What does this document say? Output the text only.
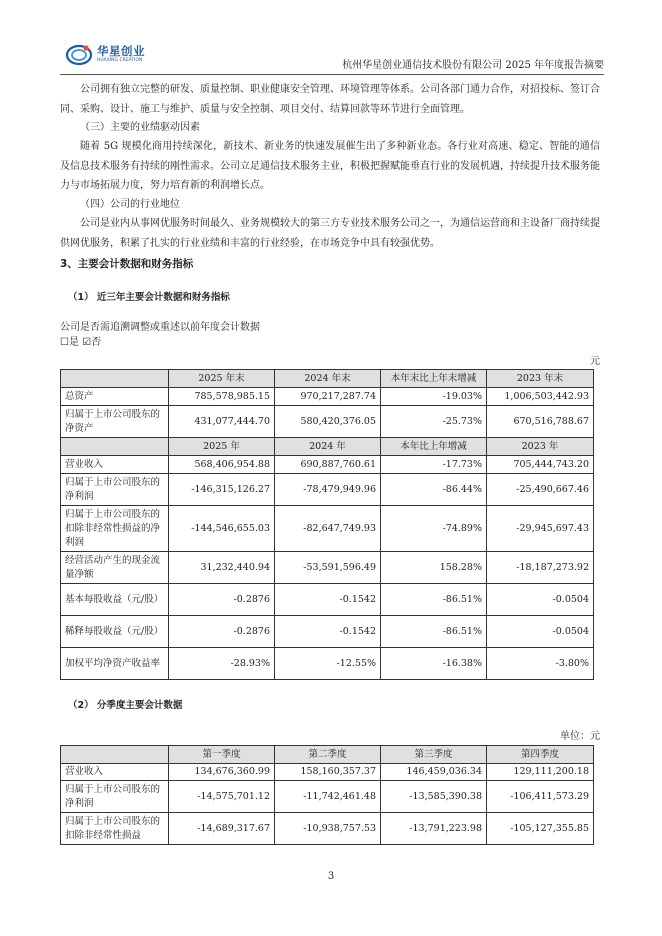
华星创业
HUAXING CREATION	杭州华星创业通信技术股份有限公司 2025 年年度报告摘要
公司拥有独立完整的研发、质量控制、职业健康安全管理、环境管理等体系。公司各部门通力合作，对招投标、签订合同、采购、设计、施工与维护、质量与安全控制、项目交付、结算回款等环节进行全面管理。
（三）主要的业绩驱动因素
随着 5G 规模化商用持续深化，新技术、新业务的快速发展催生出了多种新业态。各行业对高速、稳定、智能的通信及信息技术服务有持续的刚性需求。公司立足通信技术服务主业，积极把握赋能垂直行业的发展机遇，持续提升技术服务能力与市场拓展力度，努力培育新的利润增长点。
（四）公司的行业地位
公司是业内从事网优服务时间最久、业务规模较大的第三方专业技术服务公司之一，为通信运营商和主设备厂商持续提供网优服务，积累了扎实的行业业绩和丰富的行业经验，在市场竞争中具有较强优势。
3、主要会计数据和财务指标
（1） 近三年主要会计数据和财务指标
公司是否需追溯调整或重述以前年度会计数据
☐是 ☑否
元
	2025 年末	2024 年末	本年末比上年末增减	2023 年末
总资产	785,578,985.15	970,217,287.74	-19.03%	1,006,503,442.93
归属于上市公司股东的净资产	431,077,444.70	580,420,376.05	-25.73%	670,516,788.67
	2025 年	2024 年	本年比上年增减	2023 年
营业收入	568,406,954.88	690,887,760.61	-17.73%	705,444,743.20
归属于上市公司股东的净利润	-146,315,126.27	-78,479,949.96	-86.44%	-25,490,667.46
归属于上市公司股东的扣除非经常性损益的净利润	-144,546,655.03	-82,647,749.93	-74.89%	-29,945,697.43
经营活动产生的现金流量净额	31,232,440.94	-53,591,596.49	158.28%	-18,187,273.92
基本每股收益（元/股）	-0.2876	-0.1542	-86.51%	-0.0504
稀释每股收益（元/股）	-0.2876	-0.1542	-86.51%	-0.0504
加权平均净资产收益率	-28.93%	-12.55%	-16.38%	-3.80%
（2） 分季度主要会计数据
单位：元
	第一季度	第二季度	第三季度	第四季度
营业收入	134,676,360.99	158,160,357.37	146,459,036.34	129,111,200.18
归属于上市公司股东的净利润	-14,575,701.12	-11,742,461.48	-13,585,390.38	-106,411,573.29
归属于上市公司股东的扣除非经常性损益	-14,689,317.67	-10,938,757.53	-13,791,223.98	-105,127,355.85
3
